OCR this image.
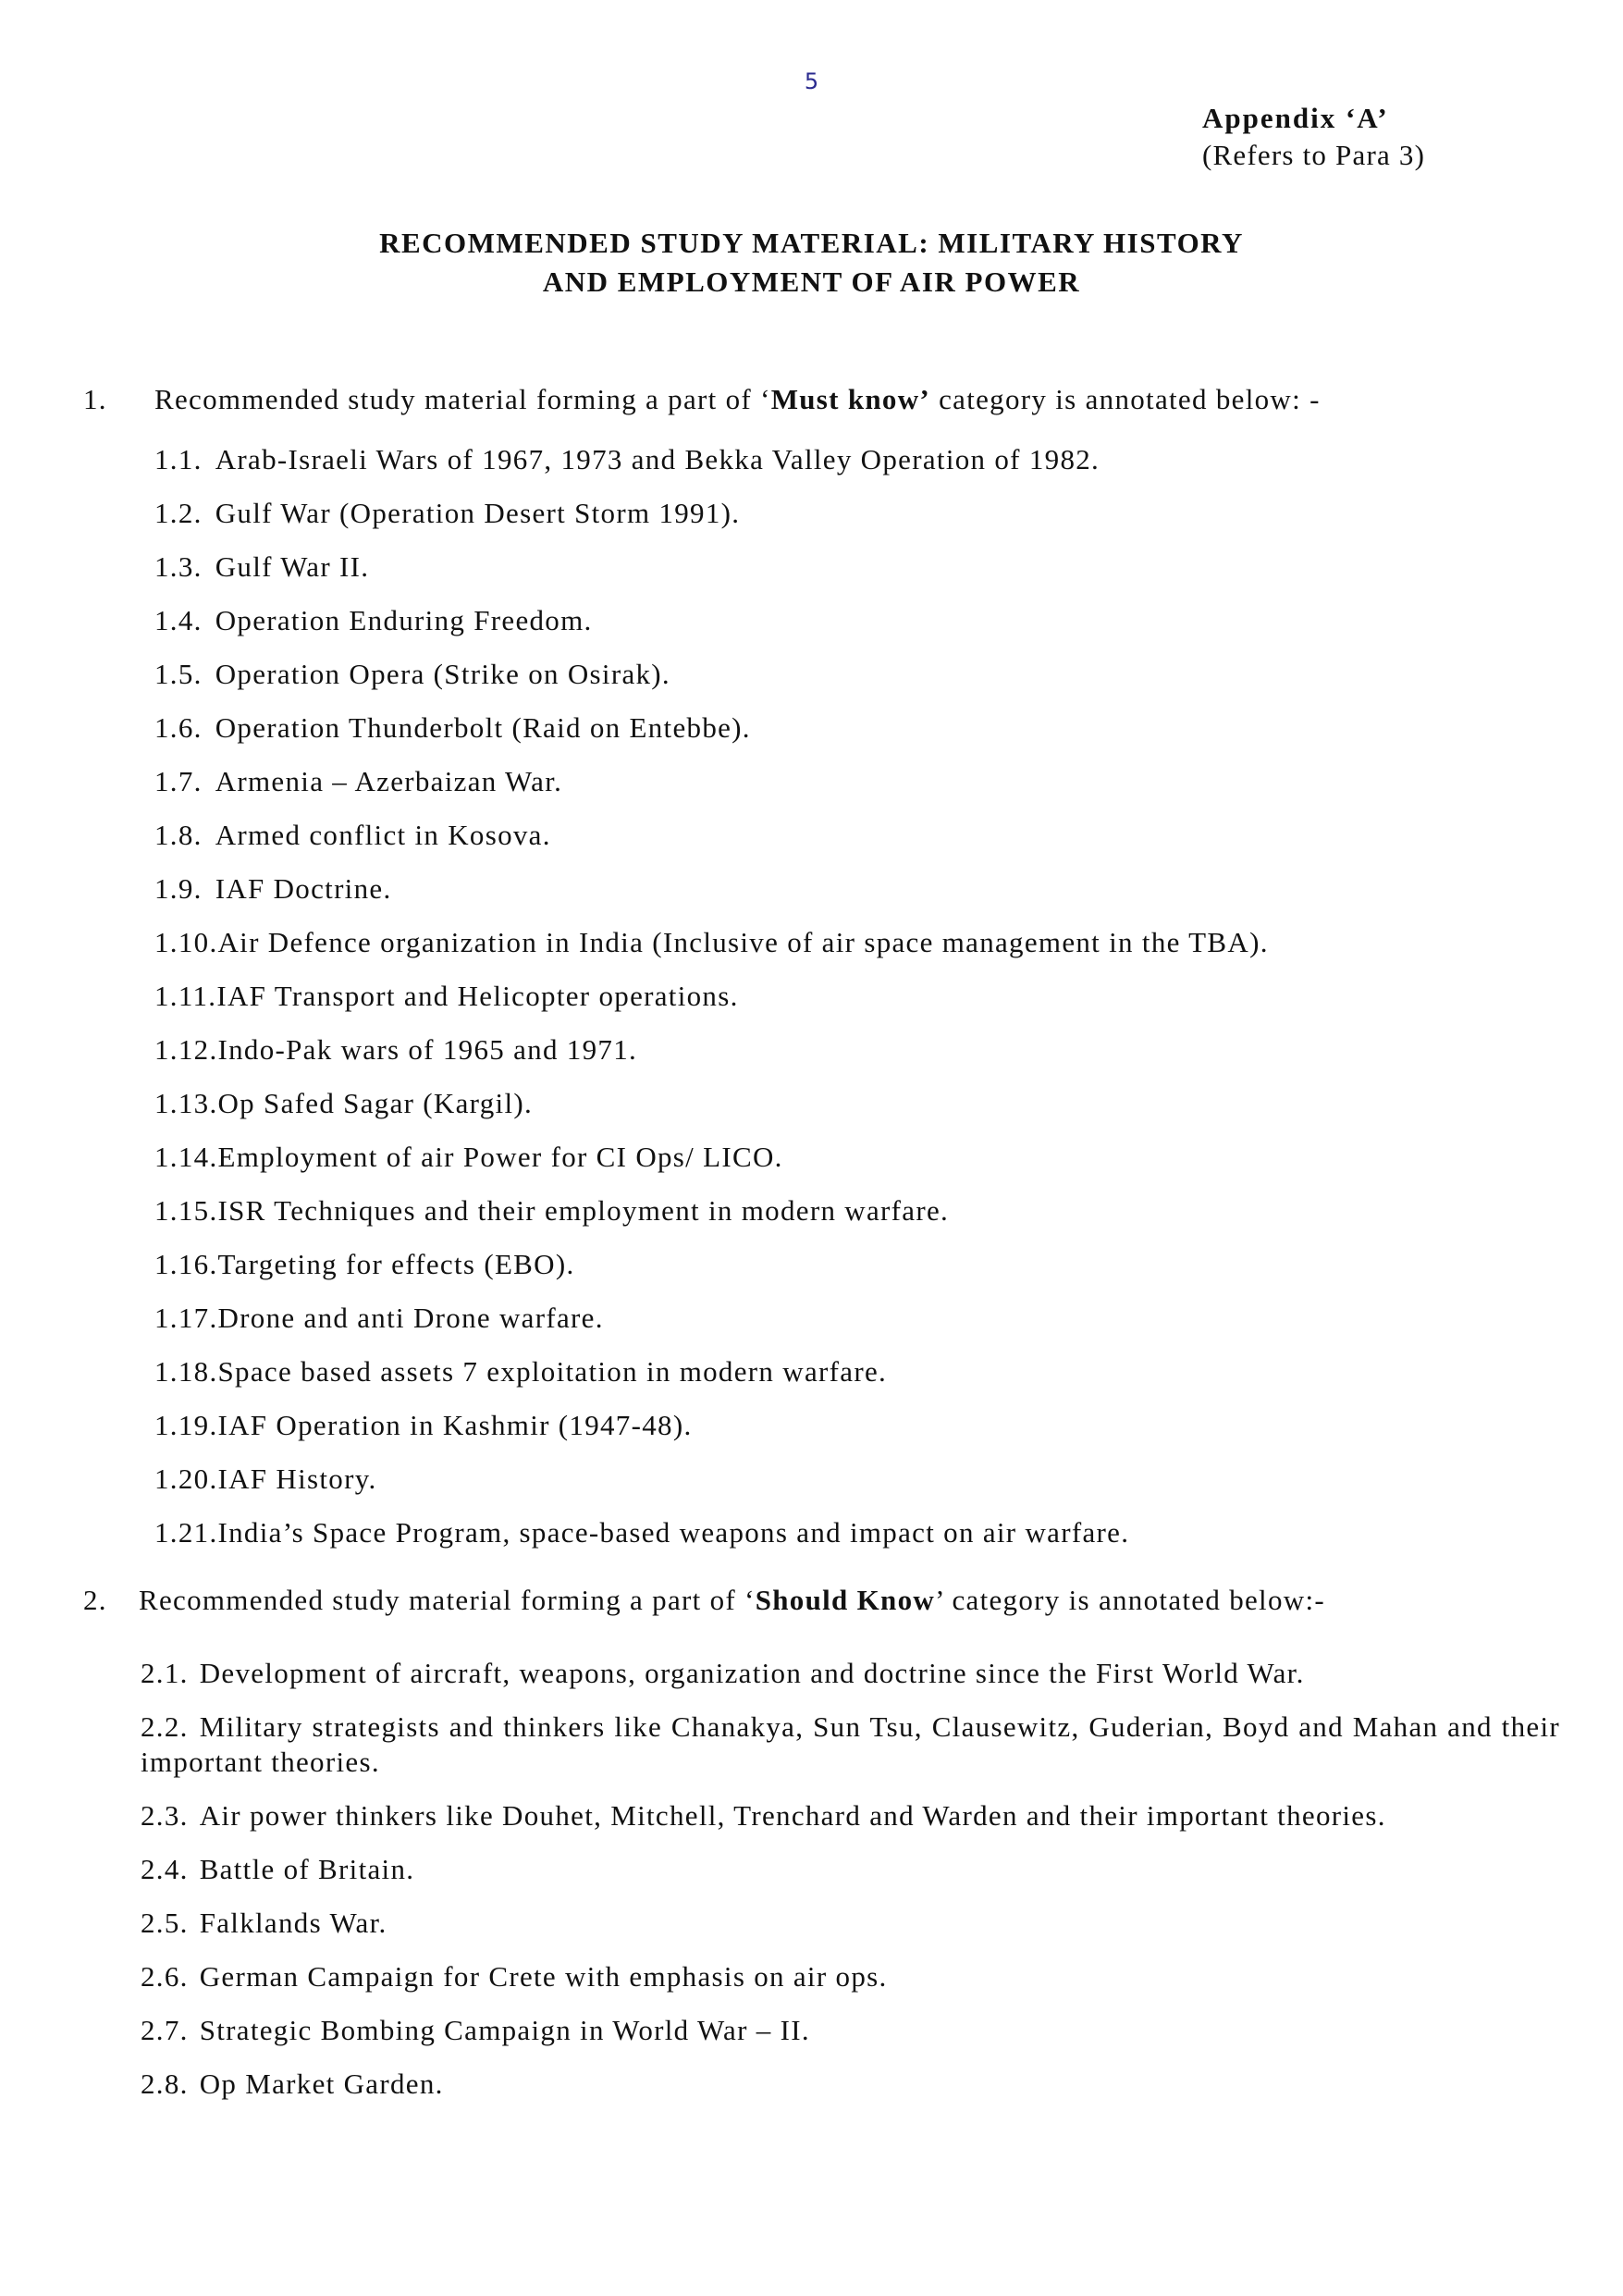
5
Appendix ‘A’
(Refers to Para 3)
RECOMMENDED STUDY MATERIAL: MILITARY HISTORY
AND EMPLOYMENT OF AIR POWER
1. Recommended study material forming a part of ‘Must know’ category is annotated below: -
1.1. Arab-Israeli Wars of 1967, 1973 and Bekka Valley Operation of 1982.
1.2. Gulf War (Operation Desert Storm 1991).
1.3. Gulf War II.
1.4. Operation Enduring Freedom.
1.5. Operation Opera (Strike on Osirak).
1.6. Operation Thunderbolt (Raid on Entebbe).
1.7. Armenia – Azerbaizan War.
1.8. Armed conflict in Kosova.
1.9. IAF Doctrine.
1.10.Air Defence organization in India (Inclusive of air space management in the TBA).
1.11.IAF Transport and Helicopter operations.
1.12.Indo-Pak wars of 1965 and 1971.
1.13.Op Safed Sagar (Kargil).
1.14.Employment of air Power for CI Ops/ LICO.
1.15.ISR Techniques and their employment in modern warfare.
1.16.Targeting for effects (EBO).
1.17.Drone and anti Drone warfare.
1.18.Space based assets 7 exploitation in modern warfare.
1.19.IAF Operation in Kashmir (1947-48).
1.20.IAF History.
1.21.India’s Space Program, space-based weapons and impact on air warfare.
2. Recommended study material forming a part of ‘Should Know’ category is annotated below:-
2.1. Development of aircraft, weapons, organization and doctrine since the First World War.
2.2. Military strategists and thinkers like Chanakya, Sun Tsu, Clausewitz, Guderian, Boyd and Mahan and their important theories.
2.3. Air power thinkers like Douhet, Mitchell, Trenchard and Warden and their important theories.
2.4. Battle of Britain.
2.5. Falklands War.
2.6. German Campaign for Crete with emphasis on air ops.
2.7. Strategic Bombing Campaign in World War – II.
2.8. Op Market Garden.
